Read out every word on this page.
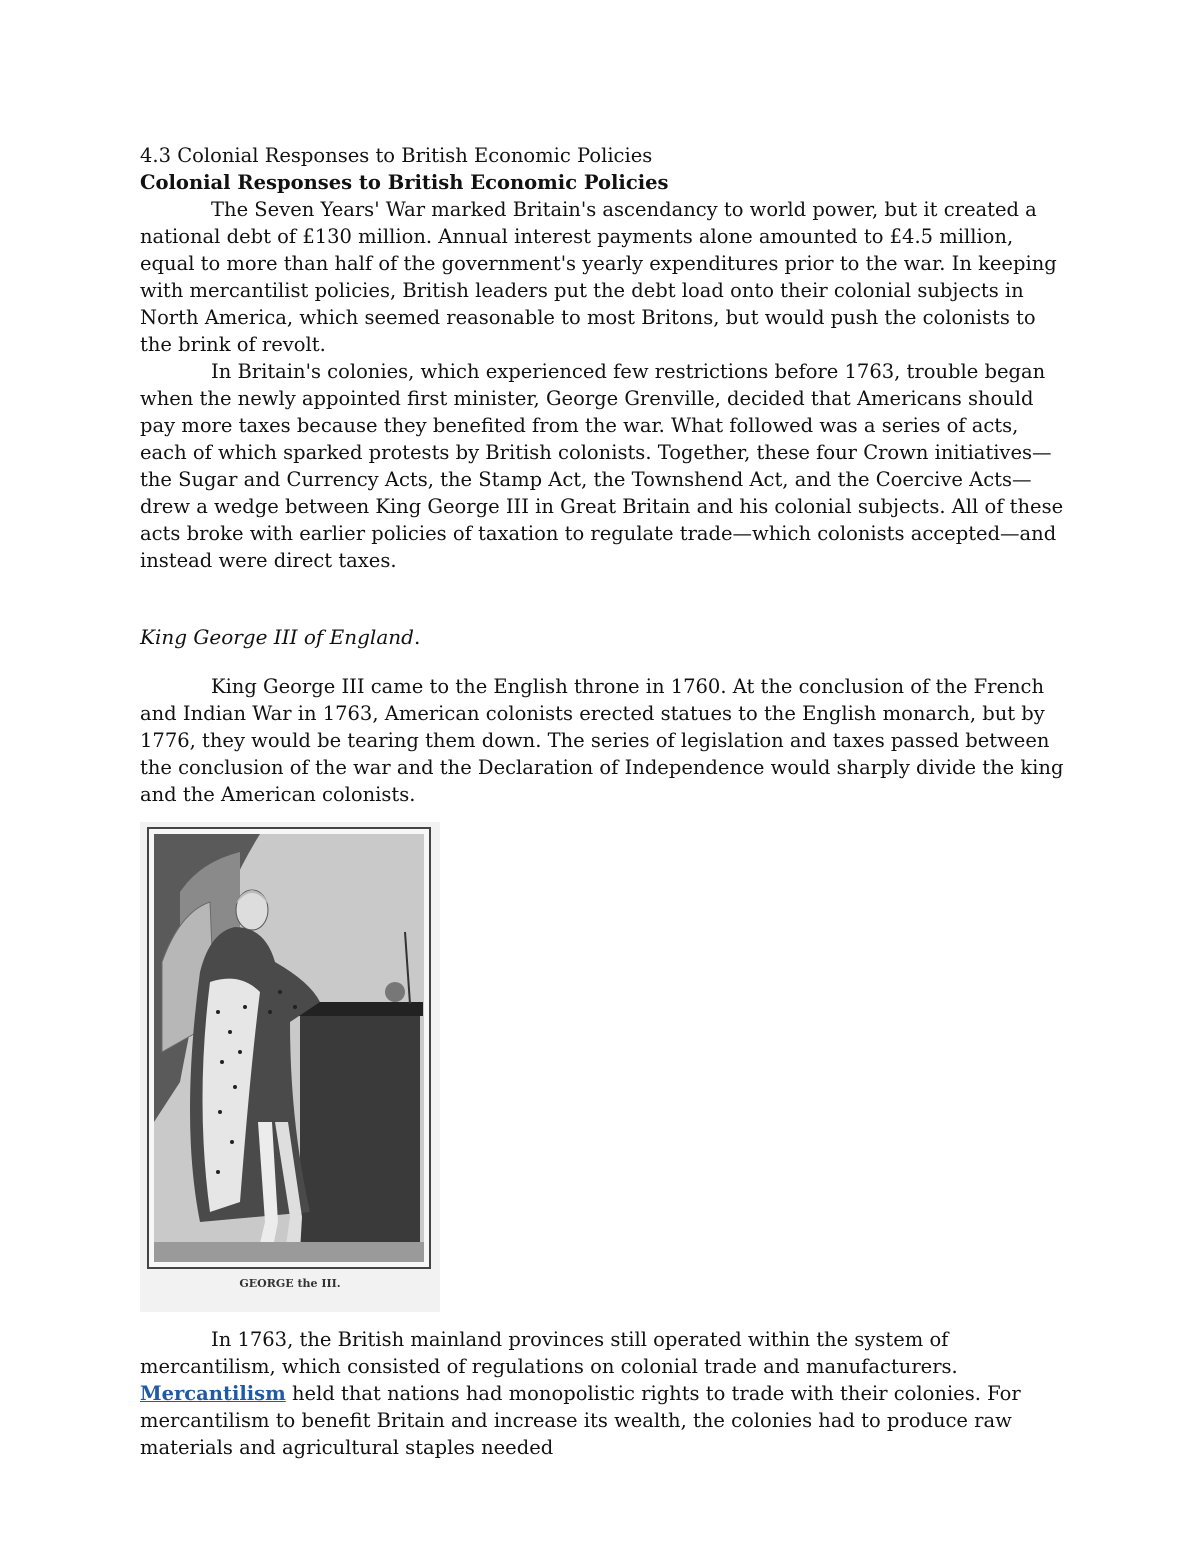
4.3 Colonial Responses to British Economic Policies

Colonial Responses to British Economic Policies

The Seven Years' War marked Britain's ascendancy to world power, but it created a national debt of £130 million. Annual interest payments alone amounted to £4.5 million, equal to more than half of the government's yearly expenditures prior to the war. In keeping with mercantilist policies, British leaders put the debt load onto their colonial subjects in North America, which seemed reasonable to most Britons, but would push the colonists to the brink of revolt.

In Britain's colonies, which experienced few restrictions before 1763, trouble began when the newly appointed first minister, George Grenville, decided that Americans should pay more taxes because they benefited from the war. What followed was a series of acts, each of which sparked protests by British colonists. Together, these four Crown initiatives—the Sugar and Currency Acts, the Stamp Act, the Townshend Act, and the Coercive Acts—drew a wedge between King George III in Great Britain and his colonial subjects. All of these acts broke with earlier policies of taxation to regulate trade—which colonists accepted—and instead were direct taxes.

King George III of England.

King George III came to the English throne in 1760. At the conclusion of the French and Indian War in 1763, American colonists erected statues to the English monarch, but by 1776, they would be tearing them down. The series of legislation and taxes passed between the conclusion of the war and the Declaration of Independence would sharply divide the king and the American colonists.

GEORGE the III.

In 1763, the British mainland provinces still operated within the system of mercantilism, which consisted of regulations on colonial trade and manufacturers. Mercantilism held that nations had monopolistic rights to trade with their colonies. For mercantilism to benefit Britain and increase its wealth, the colonies had to produce raw materials and agricultural staples needed
